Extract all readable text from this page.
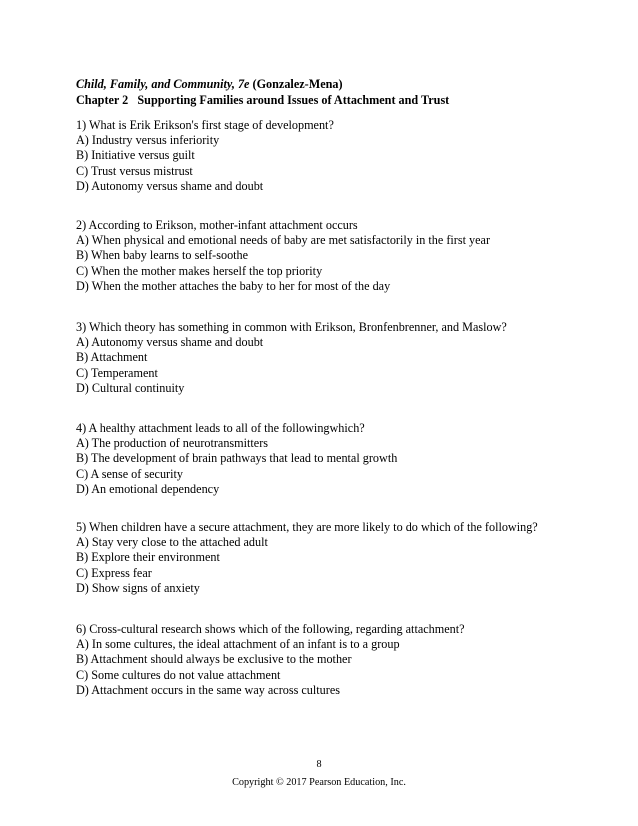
Child, Family, and Community, 7e (Gonzalez-Mena)
Chapter 2   Supporting Families around Issues of Attachment and Trust
1) What is Erik Erikson's first stage of development?
A) Industry versus inferiority
B) Initiative versus guilt
C) Trust versus mistrust
D) Autonomy versus shame and doubt
2) According to Erikson, mother-infant attachment occurs
A) When physical and emotional needs of baby are met satisfactorily in the first year
B) When baby learns to self-soothe
C) When the mother makes herself the top priority
D) When the mother attaches the baby to her for most of the day
3) Which theory has something in common with Erikson, Bronfenbrenner, and Maslow?
A) Autonomy versus shame and doubt
B) Attachment
C) Temperament
D) Cultural continuity
4) A healthy attachment leads to all of the followingwhich?
A) The production of neurotransmitters
B) The development of brain pathways that lead to mental growth
C) A sense of security
D) An emotional dependency
5) When children have a secure attachment, they are more likely to do which of the following?
A) Stay very close to the attached adult
B) Explore their environment
C) Express fear
D) Show signs of anxiety
6) Cross-cultural research shows which of the following, regarding attachment?
A) In some cultures, the ideal attachment of an infant is to a group
B) Attachment should always be exclusive to the mother
C) Some cultures do not value attachment
D) Attachment occurs in the same way across cultures
8
Copyright © 2017 Pearson Education, Inc.
